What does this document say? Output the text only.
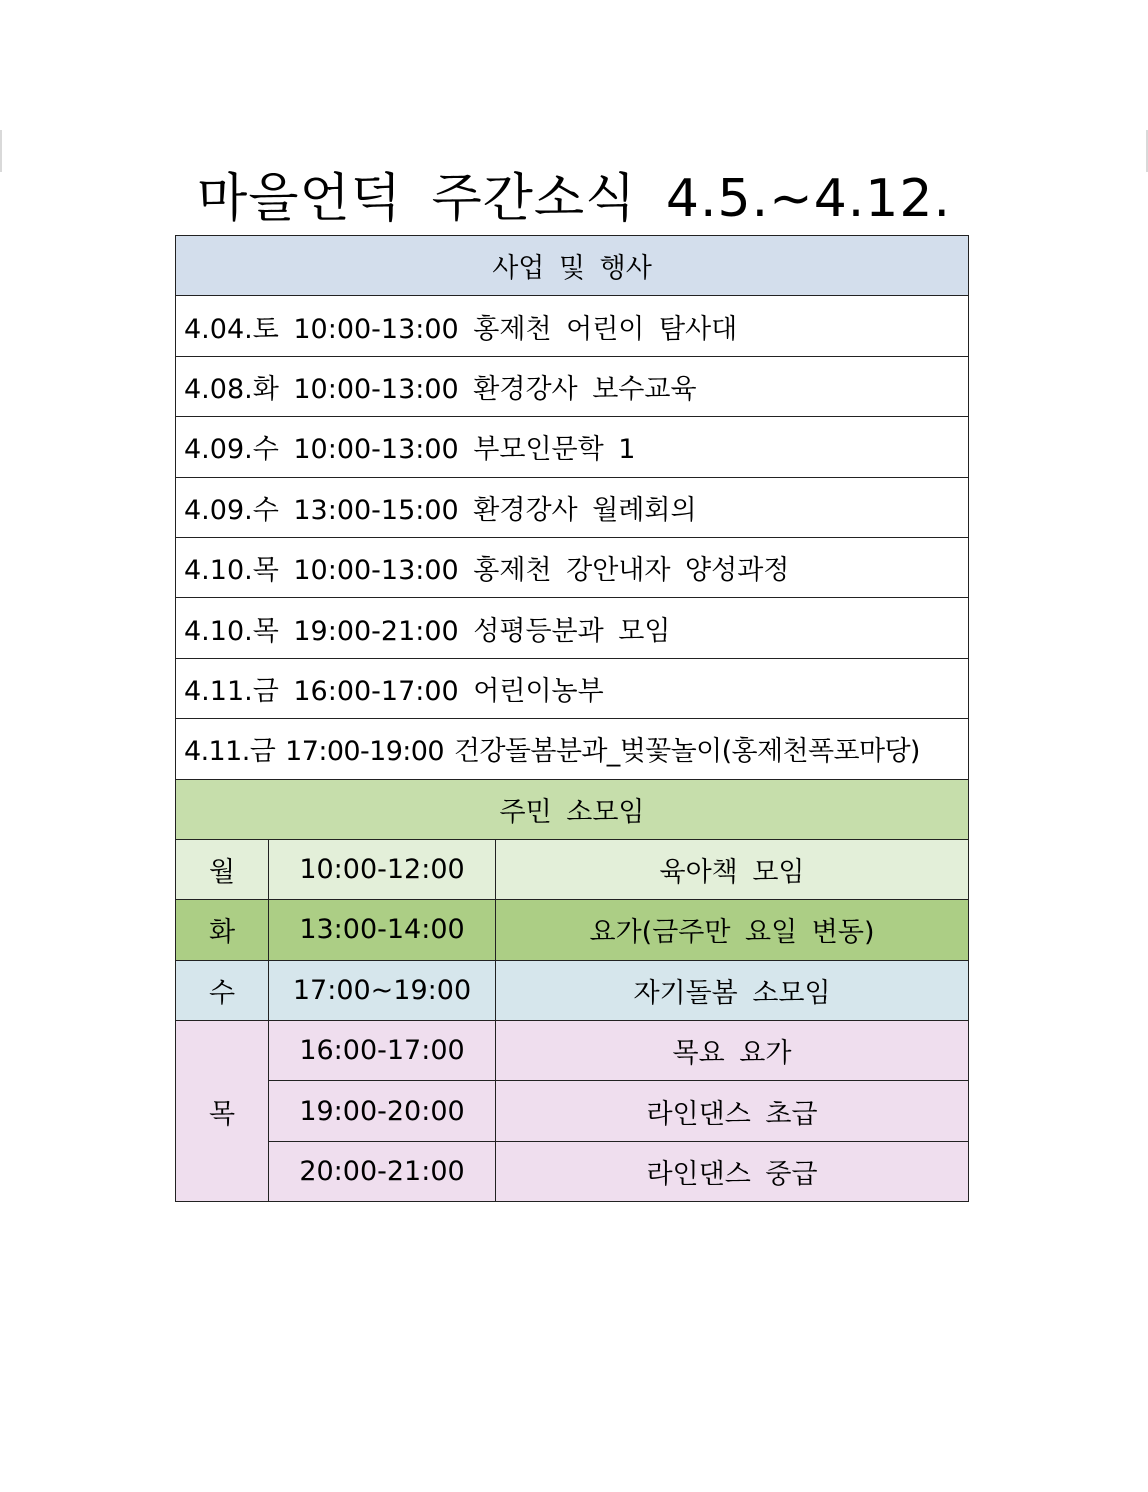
마을언덕 주간소식 4.5.~4.12.
사업 및 행사		
4.04.토 10:00-13:00 홍제천 어린이 탐사대		
4.08.화 10:00-13:00 환경강사 보수교육		
4.09.수 10:00-13:00 부모인문학 1		
4.09.수 13:00-15:00 환경강사 월례회의		
4.10.목 10:00-13:00 홍제천 강안내자 양성과정		
4.10.목 19:00-21:00 성평등분과 모임		
4.11.금 16:00-17:00 어린이농부		
4.11.금 17:00-19:00 건강돌봄분과_벚꽃놀이(홍제천폭포마당)		
주민 소모임		
월	10:00-12:00	육아책 모임
화	13:00-14:00	요가(금주만 요일 변동)
수	17:00~19:00	자기돌봄 소모임
목	16:00-17:00	목요 요가
	19:00-20:00	라인댄스 초급
	20:00-21:00	라인댄스 중급
